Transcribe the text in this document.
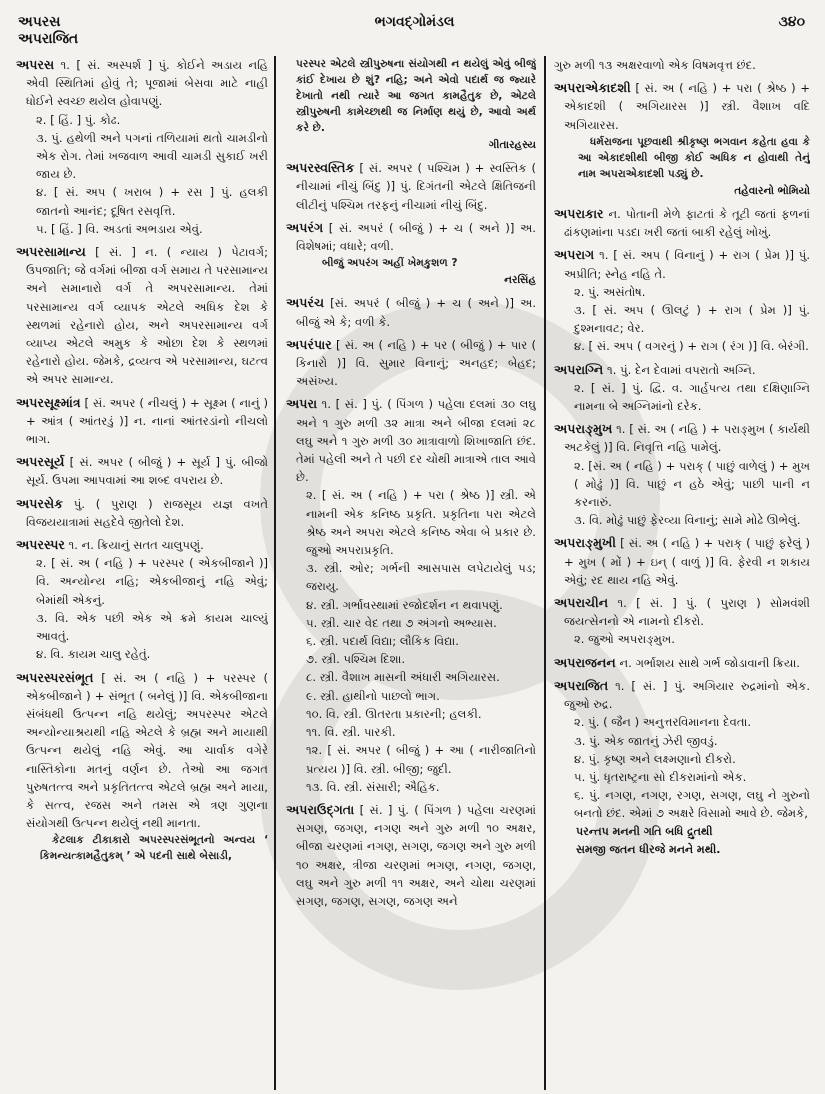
અપરસ
અપરાજિત
ભગવદ્ગોમંડલ	૩૪૦

અપરસ ૧. [ સં. અસ્પર્શ ] પું. કોઈને અડાય નહિ એવી સ્થિતિમાં હોવું તે; પૂજામાં બેસવા માટે નાહી ધોઈને સ્વચ્છ થયેલ હોવાપણું.
૨. [ હિં. ] પું. કોઢ.
૩. પું. હથેળી અને પગનાં તળિયામાં થતો ચામડીનો એક રોગ. તેમાં ખજવાળ આવી ચામડી સુકાઈ ખરી જાય છે.
૪. [ સં. અપ ( ખરાબ ) + રસ ] પું. હલકી જાતનો આનંદ; દૂષિત રસવૃત્તિ.
૫. [ હિં. ] વિ. અડતાં અભડાય એવું.

અપરસામાન્ય [ સં. ] ન. ( ન્યાય ) પેટાવર્ગ; ઉપજાતિ; જે વર્ગમાં બીજા વર્ગ સમાય તે પરસામાન્ય અને સમાનારો વર્ગ તે અપરસામાન્ય. તેમાં પરસામાન્ય વર્ગ વ્યાપક એટલે અધિક દેશ કે સ્થળમાં રહેનારો હોય, અને અપરસામાન્ય વર્ગ વ્યાપ્ય એટલે અમુક કે ઓછા દેશ કે સ્થળમાં રહેનારો હોય. જેમકે, દ્રવ્યત્વ એ પરસામાન્ય, ઘટત્વ એ અપર સામાન્ય.

અપરસૂક્ષ્માંત્ર [ સં. અપર ( નીચલું ) + સૂક્ષ્મ ( નાનું ) + આંત્ર ( આંતરડું )] ન. નાનાં આંતરડાંનો નીચલો ભાગ.

અપરસૂર્ય [ સં. અપર ( બીજું ) + સૂર્ય ] પું. બીજો સૂર્ય. ઉપમા આપવામાં આ શબ્દ વપરાય છે.

અપરસેક પું. ( પુરાણ ) રાજસૂય યજ્ઞ વખતે વિજયયાત્રામાં સહદેવે જીતેલો દેશ.

અપરસ્પર ૧. ન. ક્રિયાનું સતત ચાલુપણું.
૨. [ સં. અ ( નહિ ) + પરસ્પર ( એકબીજાને )] વિ. અન્યોન્ય નહિ; એકબીજાનું નહિ એવું; બેમાંથી એકનું.
૩. વિ. એક પછી એક એ ક્રમે કાયમ ચાલ્યું આવતું.
૪. વિ. કાયમ ચાલુ રહેતું.

અપરસ્પરસંભૂત [ સં. અ ( નહિ ) + પરસ્પર ( એકબીજાને ) + સંભૂત ( બનેલું )] વિ. એકબીજાના સંબંધથી ઉત્પન્ન નહિ થયેલું; અપરસ્પર એટલે અન્યોન્યાશ્રયથી નહિ એટલે કે બ્રહ્મ અને માયાથી ઉત્પન્ન થયેલું નહિ એવું. આ ચાર્વાક વગેરે નાસ્તિકોના મતનું વર્ણન છે. તેઓ આ જગત પુરુષતત્ત્વ અને પ્રકૃતિતત્ત્વ એટલે બ્રહ્મ અને માયા, કે સત્ત્વ, રજસ અને તમસ એ ત્રણ ગુણના સંયોગથી ઉત્પન્ન થયેલું નથી માનતા.
કેટલાક ટીકાકારો અપરસ્પરસંભૂતનો અન્વય ‘ કિમન્યત્કામહૈતુકમ્ ’ એ પદની સાથે બેસાડી,

પરસ્પર એટલે સ્ત્રીપુરુષના સંયોગથી ન થયેલું એવું બીજું કાંઈ દેખાય છે શું? નહિ; અને એવો પદાર્થ જ જ્યારે દેખાતો નથી ત્યારે આ જગત કામહૈતુક છે, એટલે સ્ત્રીપુરુષની કામેચ્છાથી જ નિર્માણ થયું છે, આવો અર્થ કરે છે.
ગીતારહસ્ય

અપરસ્વસ્તિક [ સં. અપર ( પશ્ચિમ ) + સ્વસ્તિક ( નીચામાં નીચું બિંદુ )] પું. દિગંતની એટલે ક્ષિતિજની લીટીનું પશ્ચિમ તરફનું નીચામાં નીચું બિંદુ.

અપરંગ [ સં. અપરં ( બીજું ) + ચ ( અને )] અ. વિશેષમાં; વધારે; વળી.
બીજું અપરંગ અહીં ખેમકુશળ ?
નરસિંહ

અપરંચ [સં. અપરં ( બીજું ) + ચ ( અને )] અ. બીજું એ કે; વળી કે.

અપરંપાર [ સં. અ ( નહિ ) + પર ( બીજું ) + પાર ( કિનારો )] વિ. સુમાર વિનાનું; અનહદ; બેહદ; અસંખ્ય.

અપરા ૧. [ સં. ] પું. ( પિંગળ ) પહેલા દલમાં ૩૦ લઘુ અને ૧ ગુરુ મળી ૩૨ માત્રા અને બીજા દલમાં ૨૮ લઘુ અને ૧ ગુરુ મળી ૩૦ માત્રાવાળો શિખાજાતિ છંદ. તેમાં પહેલી અને તે પછી દર ચોથી માત્રાએ તાલ આવે છે.
૨. [ સં. અ ( નહિ ) + પરા ( શ્રેષ્ઠ )] સ્ત્રી. એ નામની એક કનિષ્ઠ પ્રકૃતિ. પ્રકૃતિના પરા એટલે શ્રેષ્ઠ અને અપરા એટલે કનિષ્ઠ એવા બે પ્રકાર છે. જુઓ અપરાપ્રકૃતિ.
૩. સ્ત્રી. ઓર; ગર્ભની આસપાસ લપેટાયેલું પડ; જરાયુ.
૪. સ્ત્રી. ગર્ભાવસ્થામાં રજોદર્શન ન થવાપણું.
૫. સ્ત્રી. ચાર વેદ તથા ૭ અંગનો અભ્યાસ.
૬. સ્ત્રી. પદાર્થ વિદ્યા; લૌકિક વિદ્યા.
૭. સ્ત્રી. પશ્ચિમ દિશા.
૮. સ્ત્રી. વૈશાખ માસની અંધારી અગિયારસ.
૯. સ્ત્રી. હાથીનો પાછલો ભાગ.
૧૦. વિ. સ્ત્રી. ઊતરતા પ્રકારની; હલકી.
૧૧. વિ. સ્ત્રી. પારકી.
૧૨. [ સં. અપર ( બીજું ) + આ ( નારીજાતિનો પ્રત્યય )] વિ. સ્ત્રી. બીજી; જુદી.
૧૩. વિ. સ્ત્રી. સંસારી; ઐહિક.

અપરાઉદ્ગતા [ સં. ] પું. ( પિંગળ ) પહેલા ચરણમાં સગણ, જગણ, નગણ અને ગુરુ મળી ૧૦ અક્ષર, બીજા ચરણમાં નગણ, સગણ, જગણ અને ગુરુ મળી ૧૦ અક્ષર, ત્રીજા ચરણમાં ભગણ, નગણ, જગણ, લઘુ અને ગુરુ મળી ૧૧ અક્ષર, અને ચોથા ચરણમાં સગણ, જગણ, સગણ, જગણ અને

ગુરુ મળી ૧૩ અક્ષરવાળો એક વિષમવૃત્ત છંદ.

અપરાએકાદશી [ સં. અ ( નહિ ) + પરા ( શ્રેષ્ઠ ) + એકાદશી ( અગિયારસ )] સ્ત્રી. વૈશાખ વદિ અગિયારસ.
ધર્મરાજના પૂછવાથી શ્રીકૃષ્ણ ભગવાન કહેતા હવા કે આ એકાદશીથી બીજી કોઈ અધિક ન હોવાથી તેનું નામ અપરાએકાદશી પડ્યું છે.
તહેવારનો ભોમિયો

અપરાકાર ન. પોતાની મેળે ફાટતાં કે તૂટી જતાં ફળનાં ઢાંકણમાંના પડદા ખરી જતાં બાકી રહેલું ખોખું.

અપરાગ ૧. [ સં. અપ ( વિનાનું ) + રાગ ( પ્રેમ )] પું. અપ્રીતિ; સ્નેહ નહિ તે.
૨. પું. અસંતોષ.
૩. [ સં. અપ ( ઊલટું ) + રાગ ( પ્રેમ )] પું. દુશ્મનાવટ; વેર.
૪. [ સં. અપ ( વગરનું ) + રાગ ( રંગ )] વિ. બેરંગી.

અપરાગ્નિ ૧. પું. દેન દેવામાં વપરાતો અગ્નિ.
૨. [ સં. ] પું. દ્વિ. વ. ગાર્હપત્ય તથા દક્ષિણાગ્નિ નામના બે અગ્નિમાંનો દરેક.

અપરાઙ્મુખ ૧. [ સં. અ ( નહિ ) + પરાઙ્મુખ ( કાર્યથી અટકેલું )] વિ. નિવૃત્તિ નહિ પામેલું.
૨. [સં. અ ( નહિ ) + પરાક્ ( પાછું વાળેલું ) + મુખ ( મોઢું )] વિ. પાછું ન હઠે એવું; પાછી પાની ન કરનારું.
૩. વિ. મોઢું પાછું ફેરવ્યા વિનાનું; સામે મોઢે ઊભેલું.

અપરાઙ્મુખી [ સં. અ ( નહિ ) + પરાક્ ( પાછું ફરેલું ) + મુખ ( મોં ) + ઇન્ ( વાળું )] વિ. ફેરવી ન શકાય એવું; રદ થાય નહિ એવું.

અપરાચીન ૧. [ સં. ] પું. ( પુરાણ ) સોમવંશી જયત્સેનનો એ નામનો દીકરો.
૨. જુઓ અપરાઙ્મુખ.

અપરાજનન ન. ગર્ભાશય સાથે ગર્ભ જોડાવાની ક્રિયા.

અપરાજિત ૧. [ સં. ] પું. અગિયાર રુદ્રમાંનો એક. જુઓ રુદ્ર.
૨. પું. ( જૈન ) અનુત્તરવિમાનના દેવતા.
૩. પું. એક જાતનું ઝેરી જીવડું.
૪. પું. કૃષ્ણ અને લક્ષ્મણાનો દીકરો.
૫. પું. ધૃતરાષ્ટ્રના સો દીકરામાંનો એક.
૬. પું. નગણ, નગણ, રગણ, સગણ, લઘુ ને ગુરુનો બનતો છંદ. એમાં ૭ અક્ષરે વિસામો આવે છે. જેમકે,
પરન્તપ મનની ગતિ બધિ દ્રુતથી
સમજી જતન ધીરજે મનને મથી.
